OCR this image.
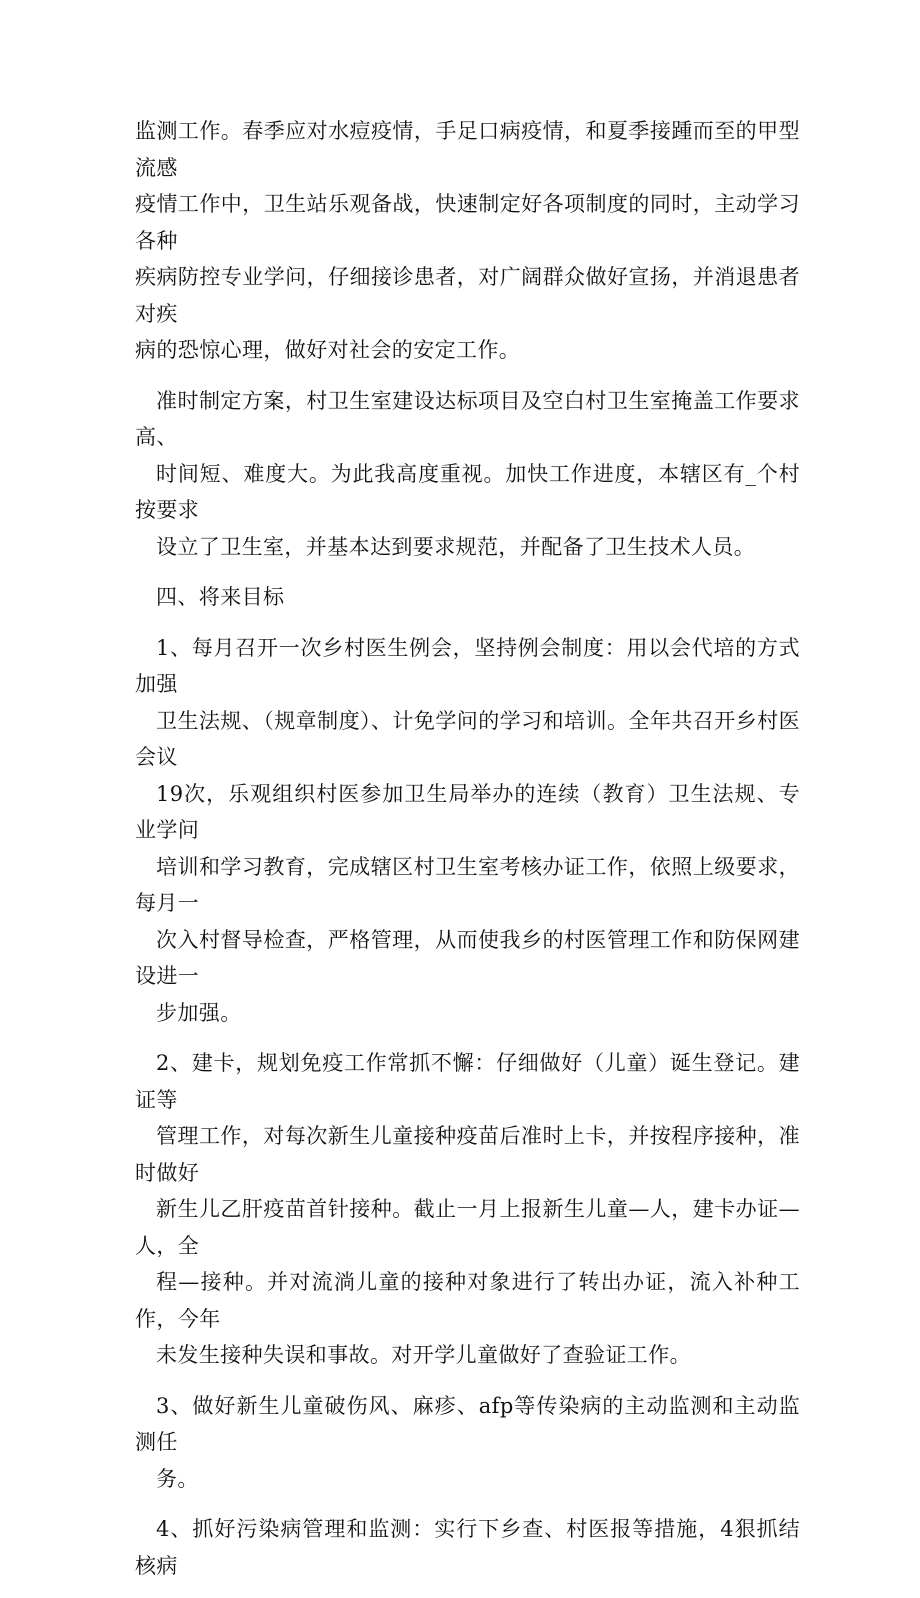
监测工作。春季应对水痘疫情，手足口病疫情，和夏季接踵而至的甲型流感
疫情工作中，卫生站乐观备战，快速制定好各项制度的同时，主动学习各种
疾病防控专业学问，仔细接诊患者，对广阔群众做好宣扬，并消退患者对疾
病的恐惊心理，做好对社会的安定工作。
准时制定方案，村卫生室建设达标项目及空白村卫生室掩盖工作要求高、
时间短、难度大。为此我高度重视。加快工作进度，本辖区有_个村按要求
设立了卫生室，并基本达到要求规范，并配备了卫生技术人员。
四、将来目标
1、每月召开一次乡村医生例会，坚持例会制度：用以会代培的方式加强
卫生法规、（规章制度）、计免学问的学习和培训。全年共召开乡村医会议
19次，乐观组织村医参加卫生局举办的连续（教育）卫生法规、专业学问
培训和学习教育，完成辖区村卫生室考核办证工作，依照上级要求，每月一
次入村督导检查，严格管理，从而使我乡的村医管理工作和防保网建设进一
步加强。
2、建卡，规划免疫工作常抓不懈：仔细做好（儿童）诞生登记。建证等
管理工作，对每次新生儿童接种疫苗后准时上卡，并按程序接种，准时做好
新生儿乙肝疫苗首针接种。截止一月上报新生儿童—人，建卡办证—人，全
程—接种。并对流淌儿童的接种对象进行了转出办证，流入补种工作，今年
未发生接种失误和事故。对开学儿童做好了查验证工作。
3、做好新生儿童破伤风、麻疹、afp等传染病的主动监测和主动监测任
务。
4、抓好污染病管理和监测：实行下乡查、村医报等措施，4狠抓结核病
